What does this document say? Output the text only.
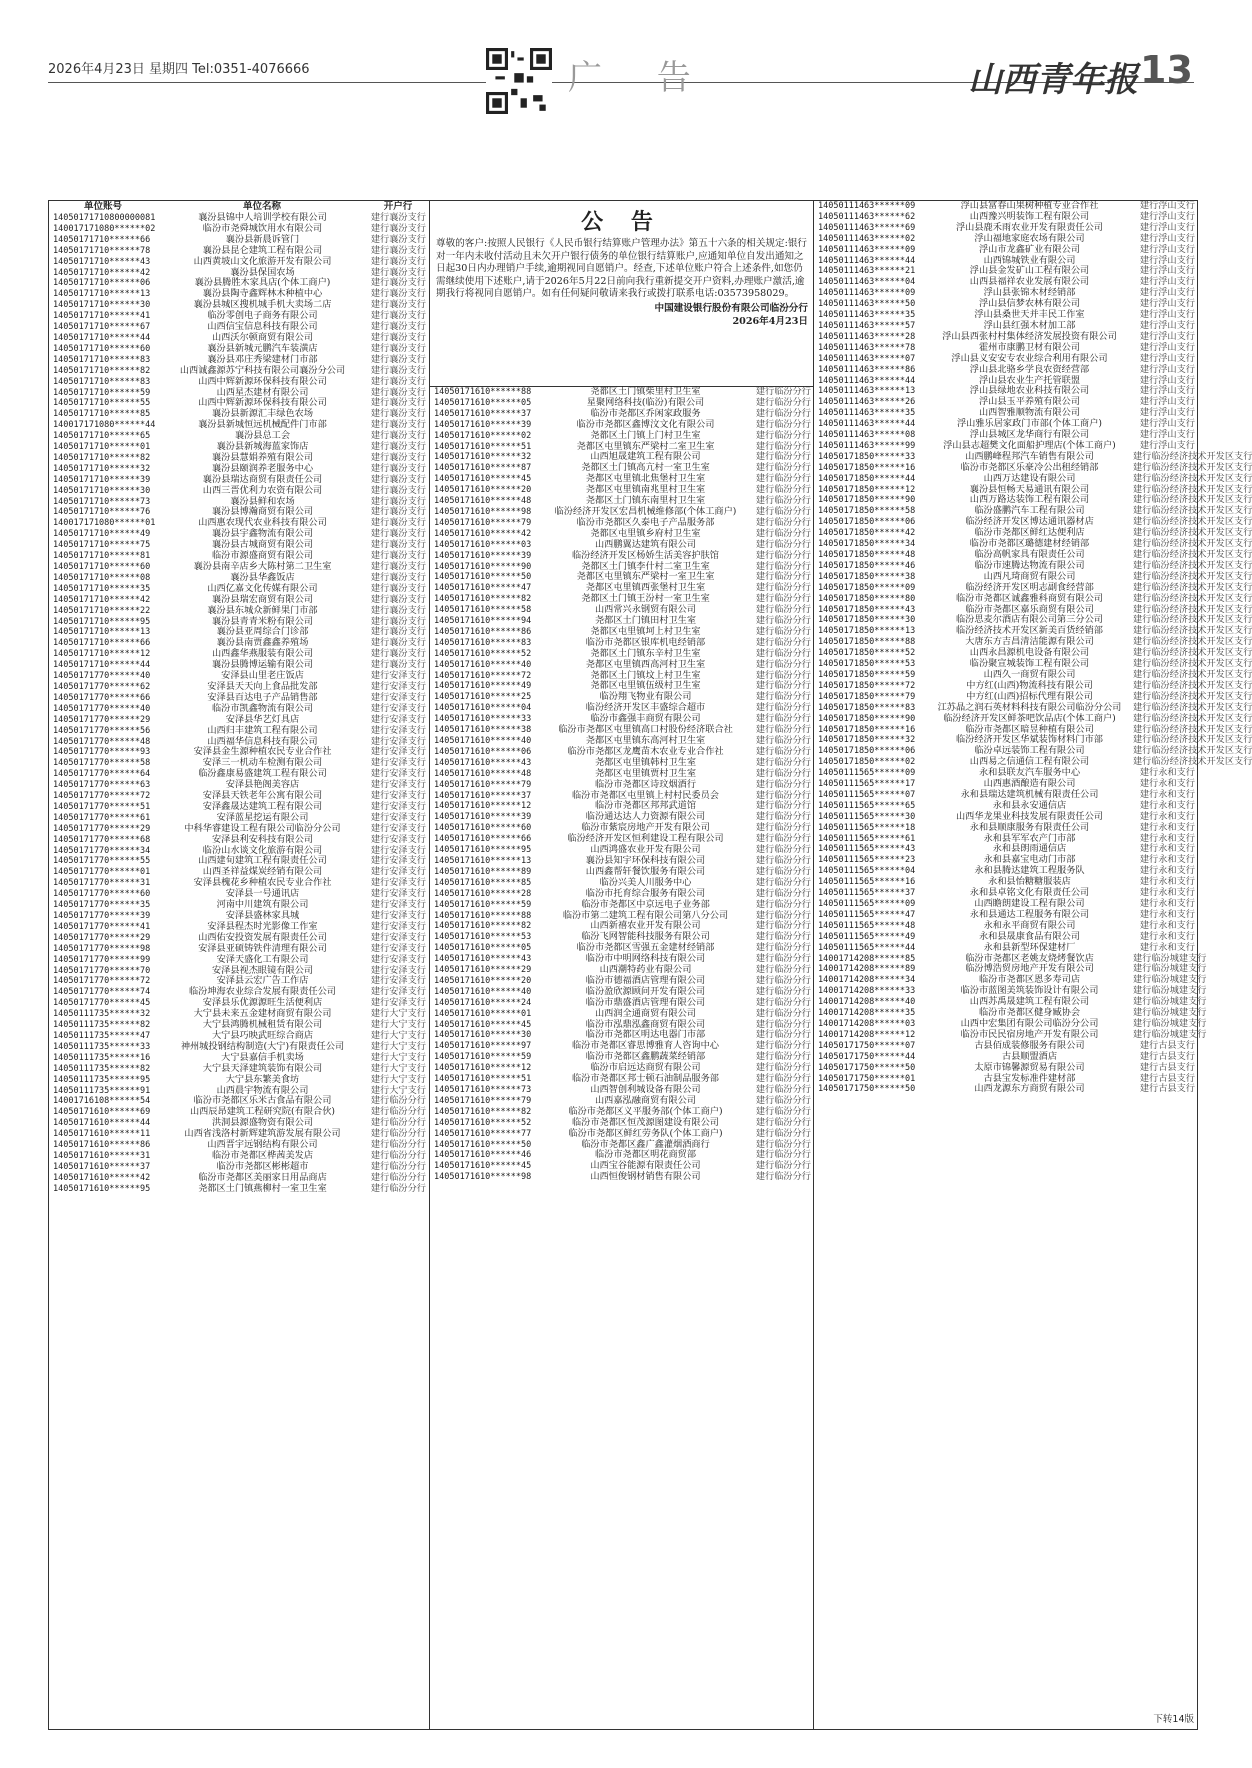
2026年4月23日 星期四 Tel:0351-4076666	广 告	山西青年报 13
单位账号	单位名称	开户行
14050171710800000081	襄汾县锦中人培训学校有限公司	建行襄汾支行
140017171080******02	临汾市尧舜城饮用水有限公司	建行襄汾支行
14050171710******66	襄汾县新晨诉管门	建行襄汾支行
14050171710******78	襄汾县昆仑建筑工程有限公司	建行襄汾支行
14050171710******43	山西黄坡山文化旅游开发有限公司	建行襄汾支行
14050171710******42	襄汾县保国农场	建行襄汾支行
14050171710******06	襄汾县腾胜木家具店(个体工商户)	建行襄汾支行
14050171710******13	襄汾县陶寺鑫辉林木种植中心	建行襄汾支行
14050171710******30	襄汾县城区搜机城手机大卖场二店	建行襄汾支行
14050171710******41	临汾零创电子商务有限公司	建行襄汾支行
14050171710******67	山西信宝信息科技有限公司	建行襄汾支行
14050171710******44	山西沃尔顿商贸有限公司	建行襄汾支行
14050171710******60	襄汾县新城元鹏汽车装潢店	建行襄汾支行
14050171710******83	襄汾县邓庄秀梁建材门市部	建行襄汾支行
14050171710******82	山西诚鑫源苏宁科技有限公司襄汾分公司	建行襄汾支行
14050171710******83	山西中辉新源环保科技有限公司	建行襄汾支行
14050171710******59	山西星杰建材有限公司	建行襄汾支行
14050171710******55	山西中辉新源环保科技有限公司	建行襄汾支行
14050171710******85	襄汾县新源汇丰绿色农场	建行襄汾支行
140017171080******44	襄汾县新城恒远机械配件门市部	建行襄汾支行
14050171710******65	襄汾县总工会	建行襄汾支行
14050171710******01	襄汾县新城海蓝家饰店	建行襄汾支行
14050171710******82	襄汾县慧娟养殖有限公司	建行襄汾支行
14050171710******32	襄汾县颐润养老服务中心	建行襄汾支行
14050171710******39	襄汾县瑞达商贸有限责任公司	建行襄汾支行
14050171710******30	山西三晋优利力农资有限公司	建行襄汾支行
14050171710******73	襄汾县鲜和农场	建行襄汾支行
14050171710******76	襄汾县博瀚商贸有限公司	建行襄汾支行
140017171080******01	山西惠农现代农业科技有限公司	建行襄汾支行
14050171710******49	襄汾县宇鑫物流有限公司	建行襄汾支行
14050171710******75	襄汾县古城商贸有限公司	建行襄汾支行
14050171710******81	临汾市源盛商贸有限公司	建行襄汾支行
14050171710******60	襄汾县南辛店乡大陈村第二卫生室	建行襄汾支行
14050171710******08	襄汾县华鑫饭店	建行襄汾支行
14050171710******35	山西亿嘉文化传媒有限公司	建行襄汾支行
14050171710******42	襄汾县瑞宏商贸有限公司	建行襄汾支行
14050171710******22	襄汾县东城众新鲜果门市部	建行襄汾支行
14050171710******95	襄汾县青青米粉有限公司	建行襄汾支行
14050171710******13	襄汾县亚周综合门诊部	建行襄汾支行
14050171710******66	襄汾县南贾鑫鑫养殖场	建行襄汾支行
14050171710******12	山西鑫华燕服装有限公司	建行襄汾支行
14050171710******44	襄汾县腾博运输有限公司	建行襄汾支行
14050171770******40	安泽县山里老庄饭店	建行安泽支行
14050171770******62	安泽县天天向上食品批发部	建行安泽支行
14050171770******66	安泽县百达电子产品销售部	建行安泽支行
14050171770******40	临汾市凯鑫物流有限公司	建行安泽支行
14050171770******29	安泽县华艺灯具店	建行安泽支行
14050171770******56	山西归丰建筑工程有限公司	建行安泽支行
14050171770******48	山西福华信息科技有限公司	建行安泽支行
14050171770******93	安泽县金生源种植农民专业合作社	建行安泽支行
14050171770******58	安泽三一机动车检测有限公司	建行安泽支行
14050171770******64	临汾鑫康易盛建筑工程有限公司	建行安泽支行
14050171770******63	安泽县艳阁美容店	建行安泽支行
14050171770******72	安泽县天铁老年公寓有限公司	建行安泽支行
14050171770******51	安泽鑫晟达建筑工程有限公司	建行安泽支行
14050171770******61	安泽蓝星挖运有限公司	建行安泽支行
14050171770******29	中科华睿建设工程有限公司临汾分公司	建行安泽支行
14050171770******68	安泽县利安科技有限公司	建行安泽支行
14050171770******34	临汾山水谈文化旅游有限公司	建行安泽支行
14050171770******55	山西建旬建筑工程有限责任公司	建行安泽支行
14050171770******01	山西圣祥益煤炭经销有限公司	建行安泽支行
14050171770******31	安泽县槐花乡种植农民专业合作社	建行安泽支行
14050171770******60	安泽县一号通讯店	建行安泽支行
14050171770******35	河南中川建筑有限公司	建行安泽支行
14050171770******39	安泽县盛林家具城	建行安泽支行
14050171770******41	安泽县程杰时光影像工作室	建行安泽支行
14050171770******29	山西佑安投资发展有限责任公司	建行安泽支行
14050171770******98	安泽县亚硕铸铁件清理有限公司	建行安泽支行
14050171770******99	安泽天盛化工有限公司	建行安泽支行
14050171770******70	安泽县视杰眼镜有限公司	建行安泽支行
14050171770******72	安泽县云宏广告工作店	建行安泽支行
14050171770******74	临汾坤海农业综合发展有限责任公司	建行安泽支行
14050171770******45	安泽县乐优源源旺生活便利店	建行安泽支行
14050111735******32	大宁县未来五金建材商贸有限公司	建行大宁支行
14050111735******82	大宁县鸿腾机械租赁有限公司	建行大宁支行
14050111735******47	大宁县巧映武旺综合商店	建行大宁支行
14050111735******33	神州城投钢结构制造(大宁)有限责任公司	建行大宁支行
14050111735******16	大宁县嘉信手机卖场	建行大宁支行
14050111735******82	大宁县天泽建筑装饰有限公司	建行大宁支行
14050111735******95	大宁县东繁美食坊	建行大宁支行
14050111735******91	山西晨宇物流有限公司	建行大宁支行
14001716108******54	临汾市尧都区乐米古食品有限公司	建行临汾分行
14050171610******69	山西辰昂建筑工程研究院(有限合伙)	建行临汾分行
14050171610******44	洪洞县源盛物资有限公司	建行临汾分行
14050171610******11	山西省浅洛村新辉建筑游发展有限公司	建行临汾分行
14050171610******86	山西晋宇远钢结构有限公司	建行临汾分行
14050171610******31	临汾市尧都区桦茜美发店	建行临汾分行
14050171610******37	临汾市尧都区彬彬超市	建行临汾分行
14050171610******42	临汾市尧都区美丽家日用品商店	建行临汾分行
14050171610******95	尧都区土门镇燕柳村一室卫生室	建行临汾分行
公 告

尊敬的客户:按照人民银行《人民币银行结算账户管理办法》第五十六条的相关规定:银行对一年内未收付活动且未欠开户银行债务的单位银行结算账户,应通知单位自发出通知之日起30日内办理销户手续,逾期视同自愿销户。经查,下述单位账户符合上述条件,如您仍需继续使用下述账户,请于2026年5月22日前向我行重新提交开户资料,办理账户激活,逾期我行将视同自愿销户。如有任何疑问敬请来我行或拨打联系电话:03573958029。

中国建设银行股份有限公司临汾分行
2026年4月23日
14050171610******88	尧都区土门镇柴里村卫生室	建行临汾分行
14050171610******05	星聚网络科技(临汾)有限公司	建行临汾分行
14050171610******37	临汾市尧都区乔闲家政服务	建行临汾分行
14050171610******39	临汾市尧都区鑫博汶文化有限公司	建行临汾分行
14050171610******02	尧都区土门镇上门村卫生室	建行临汾分行
14050171610******51	尧都区屯里镇东严梁村二室卫生室	建行临汾分行
14050171610******32	山西旭晟建筑工程有限公司	建行临汾分行
14050171610******87	尧都区土门镇高亢村一室卫生室	建行临汾分行
14050171610******45	尧都区屯里镇北焦堡村卫生室	建行临汾分行
14050171610******20	尧都区屯里镇南兆里村卫生室	建行临汾分行
14050171610******48	尧都区土门镇东南里村卫生室	建行临汾分行
14050171610******98	临汾经济开发区宏昌机械维修部(个体工商户)	建行临汾分行
14050171610******79	临汾市尧都区久泰电子产品服务部	建行临汾分行
14050171610******42	尧都区屯里镇乡府村卫生室	建行临汾分行
14050171610******03	山西鹏翼达建筑有限公司	建行临汾分行
14050171610******39	临汾经济开发区杨娇生活美容护肤馆	建行临汾分行
14050171610******90	尧都区土门镇李什村二室卫生室	建行临汾分行
14050171610******50	尧都区屯里镇东严梁村一室卫生室	建行临汾分行
14050171610******47	尧都区屯里镇西张堡村卫生室	建行临汾分行
14050171610******82	尧都区土门镇王汾村一室卫生室	建行临汾分行
14050171610******58	山西常兴永钢贸有限公司	建行临汾分行
14050171610******94	尧都区土门镇田村卫生室	建行临汾分行
14050171610******86	尧都区屯里镇坷上村卫生室	建行临汾分行
14050171610******83	临汾市尧都区银库机电经销部	建行临汾分行
14050171610******52	尧都区土门镇东辛村卫生室	建行临汾分行
14050171610******40	尧都区屯里镇西高河村卫生室	建行临汾分行
14050171610******72	尧都区土门镇坟上村卫生室	建行临汾分行
14050171610******49	尧都区屯里镇伍级村卫生室	建行临汾分行
14050171610******25	临汾翔飞物业有限公司	建行临汾分行
14050171610******04	临汾经济开发区丰盛综合超市	建行临汾分行
14050171610******33	临汾市鑫强丰商贸有限公司	建行临汾分行
14050171610******38	临汾市尧都区屯里镇高口村股份经济联合社	建行临汾分行
14050171610******40	尧都区屯里镇东高河村卫生室	建行临汾分行
14050171610******06	临汾市尧都区龙鹰苗木农业专业合作社	建行临汾分行
14050171610******43	尧都区屯里镇韩村卫生室	建行临汾分行
14050171610******48	尧都区屯里镇贾村卫生室	建行临汾分行
14050171610******79	临汾市尧都区诗玟烟酒行	建行临汾分行
14050171610******37	临汾市尧都区屯里镇上村村民委员会	建行临汾分行
14050171610******12	临汾市尧都区邦邦武道馆	建行临汾分行
14050171610******39	临汾通达达人力资源有限公司	建行临汾分行
14050171610******60	临汾市紫宸房地产开发有限公司	建行临汾分行
14050171610******66	临汾经济开发区恒利建设工程有限公司	建行临汾分行
14050171610******95	山西鸿盛农业开发有限公司	建行临汾分行
14050171610******13	襄汾县知宇环保科技有限公司	建行临汾分行
14050171610******89	山西鑫帮轩餐饮服务有限公司	建行临汾分行
14050171610******85	临汾兴美人川服务中心	建行临汾分行
14050171610******28	临汾市托育综合服务有限公司	建行临汾分行
14050171610******59	临汾市尧都区中京远电子业务部	建行临汾分行
14050171610******88	临汾市第二建筑工程有限公司第八分公司	建行临汾分行
14050171610******82	山西新禧农业开发有限公司	建行临汾分行
14050171610******53	临汾飞网智能科技服务有限公司	建行临汾分行
14050171610******05	临汾市尧都区雪强五金建材经销部	建行临汾分行
14050171610******43	临汾市中明网络科技有限公司	建行临汾分行
14050171610******29	山西潮特药业有限公司	建行临汾分行
14050171610******20	临汾市德福酒店管理有限公司	建行临汾分行
14050171610******40	临汾盈欣源顾问开发有限公司	建行临汾分行
14050171610******24	临汾市鼎盛酒店管理有限公司	建行临汾分行
14050171610******01	山西润全通商贸有限公司	建行临汾分行
14050171610******45	临汾市泓鼎泓鑫商贸有限公司	建行临汾分行
14050171610******30	临汾市尧都区明达电器门市部	建行临汾分行
14050171610******97	临汾市尧都区睿思博雅育人咨询中心	建行临汾分行
14050171610******59	临汾市尧都区鑫鹏蔬菜经销部	建行临汾分行
14050171610******12	临汾市启远达商贸有限公司	建行临汾分行
14050171610******51	临汾市尧都区邦士顿石油制品服务部	建行临汾分行
14050171610******73	山西智创利城设备有限公司	建行临汾分行
14050171610******79	山西嘉泓融商贸有限公司	建行临汾分行
14050171610******82	临汾市尧都区义平服务部(个体工商户)	建行临汾分行
14050171610******52	临汾市尧都区恒茂源图建设有限公司	建行临汾分行
14050171610******77	临汾市尧都区鲜红劳务队(个体工商户)	建行临汾分行
14050171610******50	临汾市尧都区鑫广鑫灌烟酒商行	建行临汾分行
14050171610******46	临汾市尧都区明花商贸部	建行临汾分行
14050171610******45	山西宝谷能源有限责任公司	建行临汾分行
14050171610******98	山西恒俊钢材销售有限公司	建行临汾分行
14050111463******09	浮山县富春山果树种植专业合作社	建行浮山支行
14050111463******62	山西豫兴明装饰工程有限公司	建行浮山支行
14050111463******69	浮山县鹿禾雨农业开发有限责任公司	建行浮山支行
14050111463******02	浮山福地家庭农场有限公司	建行浮山支行
14050111463******09	浮山市龙鑫矿业有限公司	建行浮山支行
14050111463******44	山西锦城铁业有限公司	建行浮山支行
14050111463******21	浮山县金发矿山工程有限公司	建行浮山支行
14050111463******04	山西县福祥农业发展有限公司	建行浮山支行
14050111463******09	浮山县张锦木材经销部	建行浮山支行
14050111463******50	浮山县信梦农林有限公司	建行浮山支行
14050111463******35	浮山县桑世天并丰民工作室	建行浮山支行
14050111463******57	浮山县红强木材加工部	建行浮山支行
14050111463******28	浮山县西张村村集体经济发展投资有限公司	建行浮山支行
14050111463******78	霍州市康鹏卫材有限公司	建行浮山支行
14050111463******07	浮山县义安安专农业综合利用有限公司	建行浮山支行
14050111463******86	浮山县北骆乡学良农资经营部	建行浮山支行
14050111463******44	浮山县农业生产托管联盟	建行浮山支行
14050111463******13	浮山县绿地农业科技有限公司	建行浮山支行
14050111463******26	浮山县玉平养殖有限公司	建行浮山支行
14050111463******35	山西智雅顺物流有限公司	建行浮山支行
14050111463******44	浮山雅乐居家政门市部(个体工商户)	建行浮山支行
14050111463******08	浮山县城区龙华商行有限公司	建行浮山支行
14050111463******99	浮山县志超樊文化面船护理店(个体工商户)	建行浮山支行
14050171850******33	山西鹏峰程邦汽车销售有限公司	建行临汾经济技术开发区支行
14050171850******16	临汾市尧都区乐豪冷公出租经销部	建行临汾经济技术开发区支行
14050171850******44	山西万达建设有限公司	建行临汾经济技术开发区支行
14050171850******12	襄汾县恒畅天易通讯有限公司	建行临汾经济技术开发区支行
14050171850******90	山西万路达装饰工程有限公司	建行临汾经济技术开发区支行
14050171850******58	临汾盛鹏汽车工程有限公司	建行临汾经济技术开发区支行
14050171850******06	临汾经济开发区博达通讯器材店	建行临汾经济技术开发区支行
14050171850******42	临汾市尧都区鲜红达便利店	建行临汾经济技术开发区支行
14050171850******34	临汾市尧都区璐德建材经销部	建行临汾经济技术开发区支行
14050171850******48	临汾高帆家具有限责任公司	建行临汾经济技术开发区支行
14050171850******46	临汾市速腾达物流有限公司	建行临汾经济技术开发区支行
14050171850******38	山西凡琦商贸有限公司	建行临汾经济技术开发区支行
14050171850******09	临汾经济开发区明志副食经营部	建行临汾经济技术开发区支行
14050171850******80	临汾市尧都区诚鑫雅科商贸有限公司	建行临汾经济技术开发区支行
14050171850******43	临汾市尧都区嘉乐商贸有限公司	建行临汾经济技术开发区支行
14050171850******30	临汾思麦尔酒店有限公司第三分公司	建行临汾经济技术开发区支行
14050171850******13	临汾经济技术开发区新美百货经销部	建行临汾经济技术开发区支行
14050171850******88	大唐东方吉昌清洁能源有限公司	建行临汾经济技术开发区支行
14050171850******52	山西永昌源机电设备有限公司	建行临汾经济技术开发区支行
14050171850******53	临汾聚宣城装饰工程有限公司	建行临汾经济技术开发区支行
14050171850******59	山西久一商贸有限公司	建行临汾经济技术开发区支行
14050171850******72	中方红(山西)物流科技有限公司	建行临汾经济技术开发区支行
14050171850******79	中方红(山西)招标代理有限公司	建行临汾经济技术开发区支行
14050171850******83	江苏晶之润石英材料科技有限公司临汾分公司	建行临汾经济技术开发区支行
14050171850******90	临汾经济开发区鲜茶吧饮品店(个体工商户)	建行临汾经济技术开发区支行
14050171850******16	临汾市尧都区暗昱种植有限公司	建行临汾经济技术开发区支行
14050171850******32	临汾经济开发区华斌装饰材料门市部	建行临汾经济技术开发区支行
14050171850******06	临汾卓远装饰工程有限公司	建行临汾经济技术开发区支行
14050171850******02	山西易之信通信工程有限公司	建行临汾经济技术开发区支行
14050111565******09	永和县联友汽车服务中心	建行永和支行
14050111565******17	山西惠酒酿造有限公司	建行永和支行
14050111565******07	永和县瑞达建筑机械有限责任公司	建行永和支行
14050111565******65	永和县永安通信店	建行永和支行
14050111565******30	山西华龙果业科技发展有限责任公司	建行永和支行
14050111565******18	永和县顺康服务有限责任公司	建行永和支行
14050111565******61	永和县军军农产门市部	建行永和支行
14050111565******43	永和县朗雨通信店	建行永和支行
14050111565******23	永和县嘉宝电动门市部	建行永和支行
14050111565******04	永和县腾达建筑工程服务队	建行永和支行
14050111565******16	永和县怡糖糖服装店	建行永和支行
14050111565******37	永和县卓铭文化有限责任公司	建行永和支行
14050111565******09	山西瞻朗建设工程有限公司	建行永和支行
14050111565******47	永和县通达工程服务有限公司	建行永和支行
14050111565******48	永和永平商贸有限公司	建行永和支行
14050111565******49	永和县晟康食品有限公司	建行永和支行
14050111565******44	永和县新型环保建材厂	建行永和支行
14001714208******85	临汾市尧都区老姚友烧烤餐饮店	建行临汾城建支行
14001714208******89	临汾博浩贸房地产开发有限公司	建行临汾城建支行
14001714208******34	临汾市尧都区恩多寿司店	建行临汾城建支行
14001714208******33	临汾市蓝图美筑装饰设计有限公司	建行临汾城建支行
14001714208******40	山西苏禹晟建筑工程有限公司	建行临汾城建支行
14001714208******35	临汾市尧都区健身臧协会	建行临汾城建支行
14001714208******03	山西中宏集团有限公司临汾分公司	建行临汾城建支行
14001714208******12	临汾市民民宿房地产开发有限公司	建行临汾城建支行
14050171750******07	古县佰成装修服务有限公司	建行古县支行
14050171750******44	古县顺盟酒店	建行古县支行
14050171750******50	太原市锦馨源贸易有限公司	建行古县支行
14050171750******01	古县宝发标准件建材部	建行古县支行
14050171750******50	山西龙源东方商贸有限公司	建行古县支行
下转14版
